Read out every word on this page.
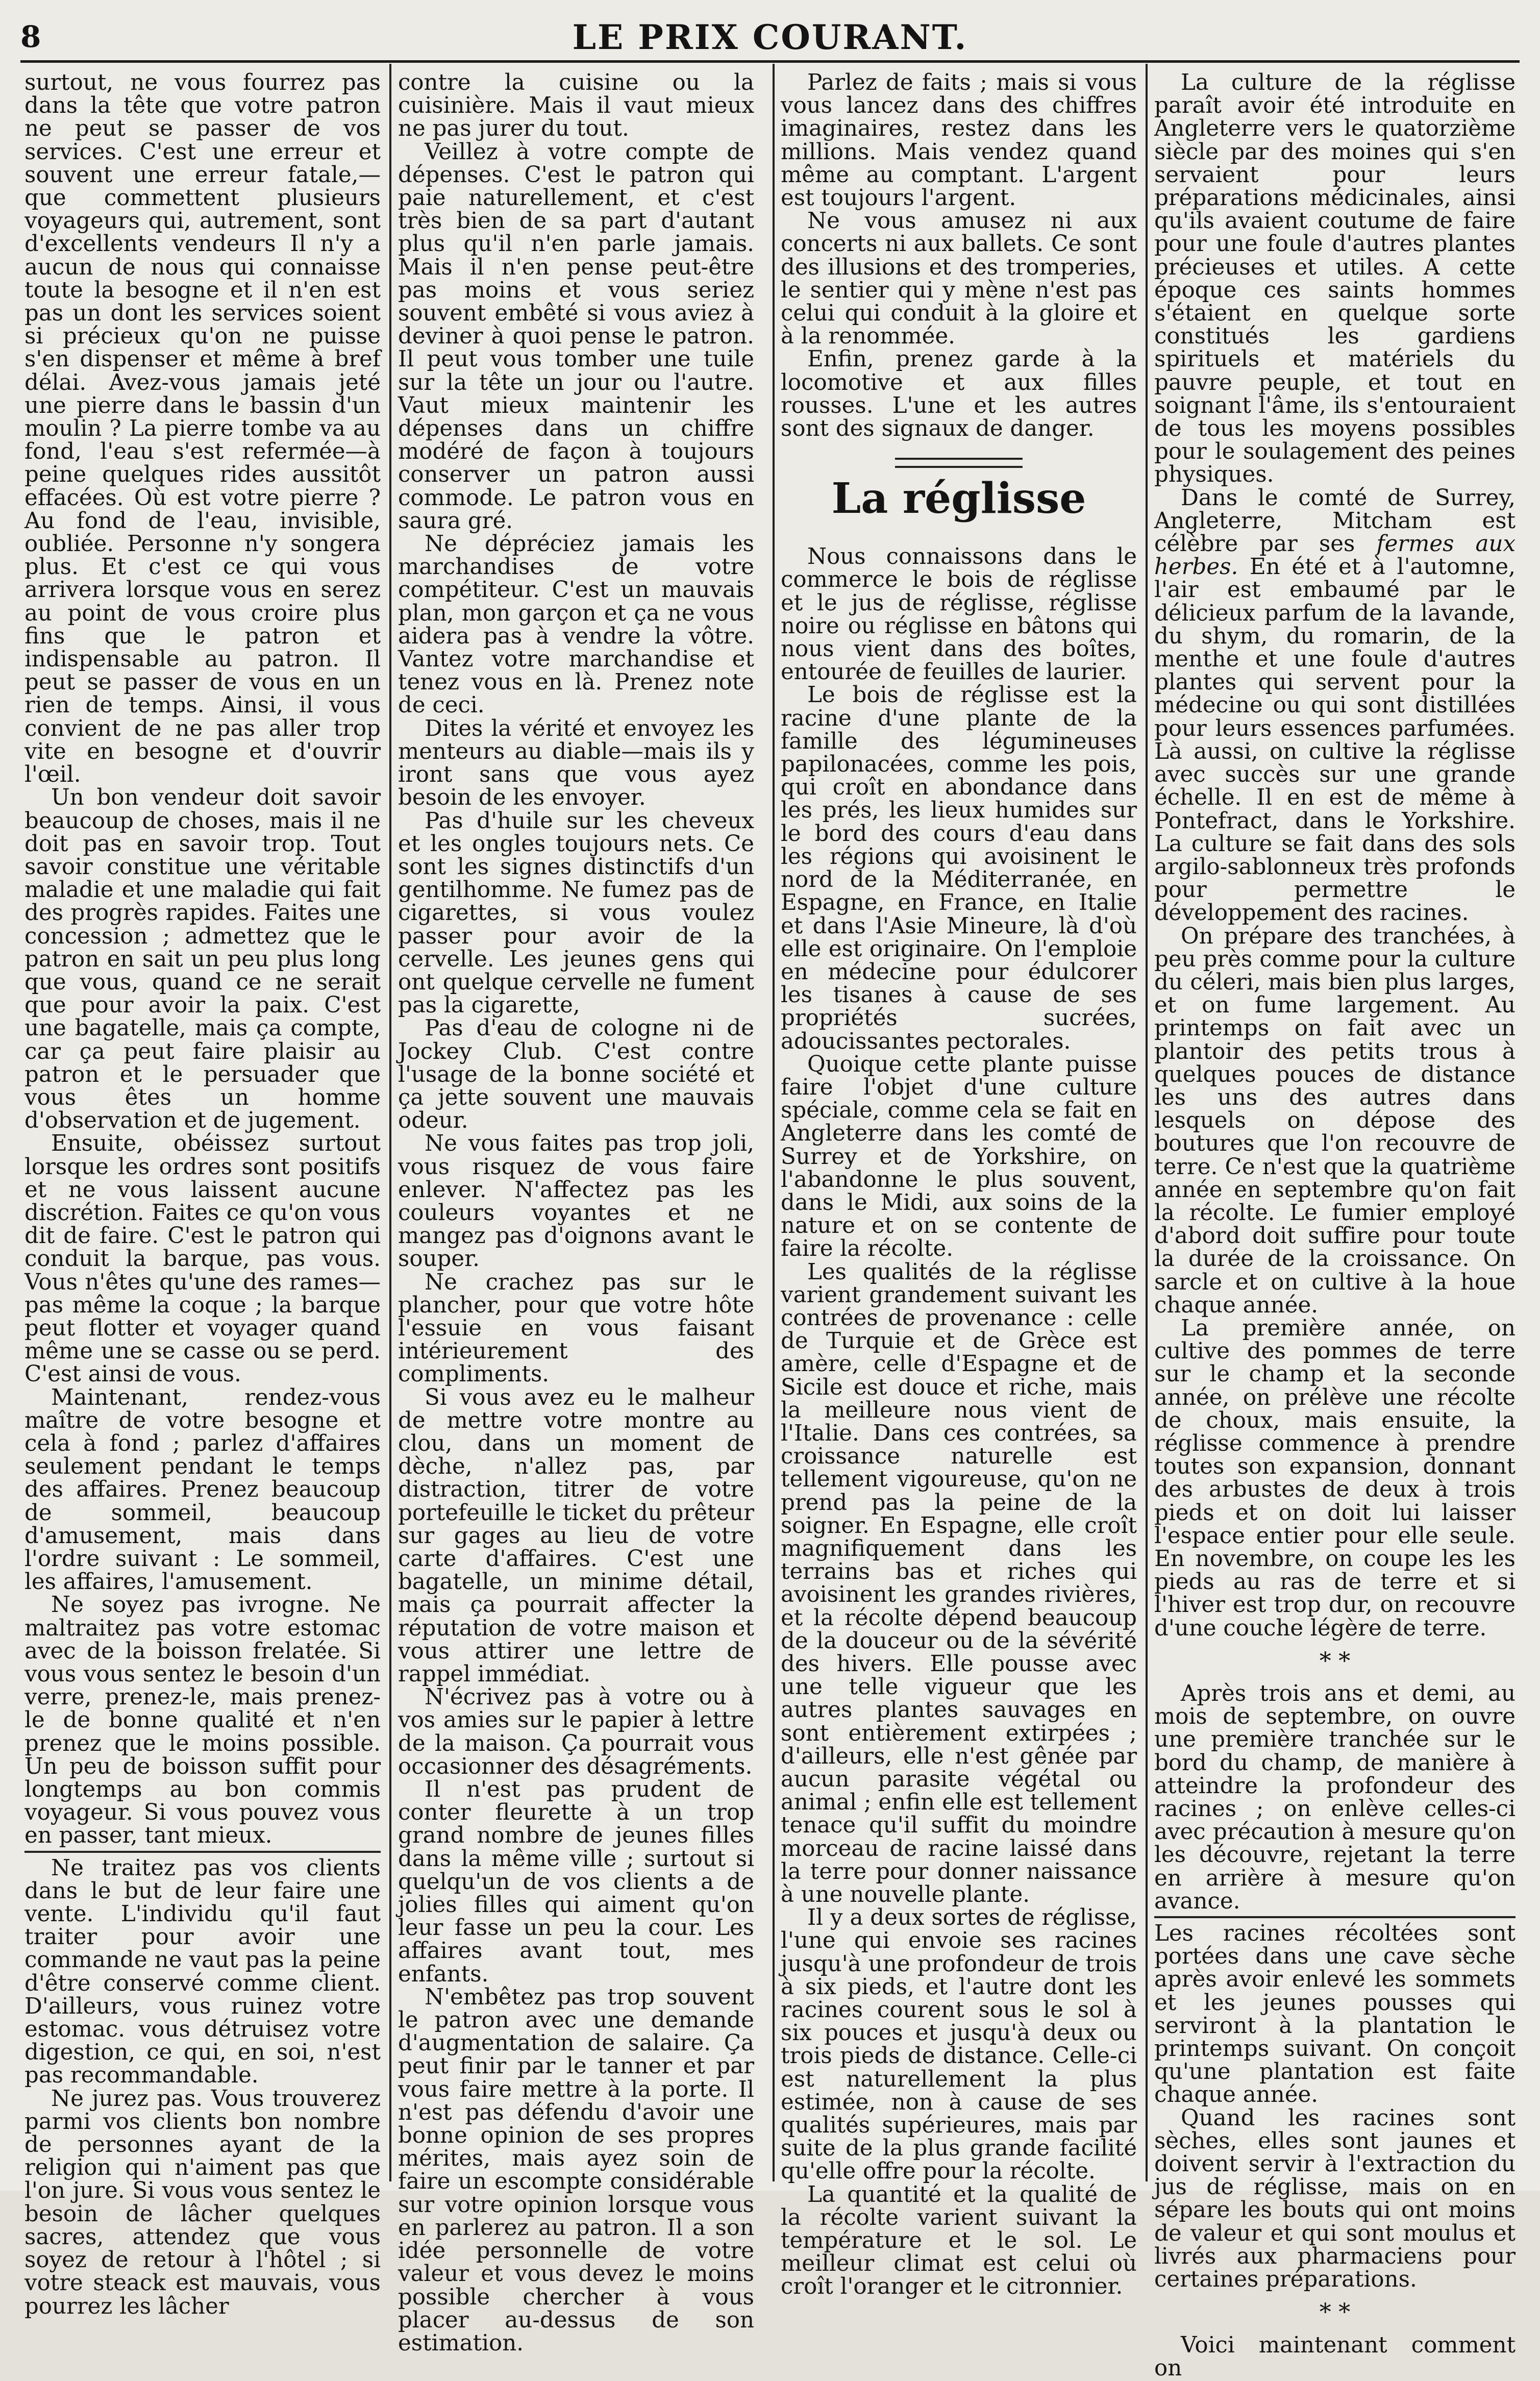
8	LE PRIX COURANT.

surtout, ne vous fourrez pas dans la tête que votre patron ne peut se passer de vos services. C'est une erreur et souvent une erreur fatale,—que commettent plusieurs voyageurs qui, autrement, sont d'excellents vendeurs Il n'y a aucun de nous qui connaisse toute la besogne et il n'en est pas un dont les services soient si précieux qu'on ne puisse s'en dispenser et même à bref délai. Avez-vous jamais jeté une pierre dans le bassin d'un moulin ? La pierre tombe va au fond, l'eau s'est refermée—à peine quelques rides aussitôt effacées. Où est votre pierre ? Au fond de l'eau, invisible, oubliée. Personne n'y songera plus. Et c'est ce qui vous arrivera lorsque vous en serez au point de vous croire plus fins que le patron et indispensable au patron. Il peut se passer de vous en un rien de temps. Ainsi, il vous convient de ne pas aller trop vite en besogne et d'ouvrir l'œil.

Un bon vendeur doit savoir beaucoup de choses, mais il ne doit pas en savoir trop. Tout savoir constitue une véritable maladie et une maladie qui fait des progrès rapides. Faites une concession ; admettez que le patron en sait un peu plus long que vous, quand ce ne serait que pour avoir la paix. C'est une bagatelle, mais ça compte, car ça peut faire plaisir au patron et le persuader que vous êtes un homme d'observation et de jugement.

Ensuite, obéissez surtout lorsque les ordres sont positifs et ne vous laissent aucune discrétion. Faites ce qu'on vous dit de faire. C'est le patron qui conduit la barque, pas vous. Vous n'êtes qu'une des rames—pas même la coque ; la barque peut flotter et voyager quand même une se casse ou se perd. C'est ainsi de vous.

Maintenant, rendez-vous maître de votre besogne et cela à fond ; parlez d'affaires seulement pendant le temps des affaires. Prenez beaucoup de sommeil, beaucoup d'amusement, mais dans l'ordre suivant : Le sommeil, les affaires, l'amusement.

Ne soyez pas ivrogne. Ne maltraitez pas votre estomac avec de la boisson frelatée. Si vous vous sentez le besoin d'un verre, prenez-le, mais prenez-le de bonne qualité et n'en prenez que le moins possible. Un peu de boisson suffit pour longtemps au bon commis voyageur. Si vous pouvez vous en passer, tant mieux.

Ne traitez pas vos clients dans le but de leur faire une vente. L'individu qu'il faut traiter pour avoir une commande ne vaut pas la peine d'être conservé comme client. D'ailleurs, vous ruinez votre estomac. vous détruisez votre digestion, ce qui, en soi, n'est pas recommandable.

Ne jurez pas. Vous trouverez parmi vos clients bon nombre de personnes ayant de la religion qui n'aiment pas que l'on jure. Si vous vous sentez le besoin de lâcher quelques sacres, attendez que vous soyez de retour à l'hôtel ; si votre steack est mauvais, vous pourrez les lâcher

contre la cuisine ou la cuisinière. Mais il vaut mieux ne pas jurer du tout.

Veillez à votre compte de dépenses. C'est le patron qui paie naturellement, et c'est très bien de sa part d'autant plus qu'il n'en parle jamais. Mais il n'en pense peut-être pas moins et vous seriez souvent embêté si vous aviez à deviner à quoi pense le patron. Il peut vous tomber une tuile sur la tête un jour ou l'autre. Vaut mieux maintenir les dépenses dans un chiffre modéré de façon à toujours conserver un patron aussi commode. Le patron vous en saura gré.

Ne dépréciez jamais les marchandises de votre compétiteur. C'est un mauvais plan, mon garçon et ça ne vous aidera pas à vendre la vôtre. Vantez votre marchandise et tenez vous en là. Prenez note de ceci.

Dites la vérité et envoyez les menteurs au diable—mais ils y iront sans que vous ayez besoin de les envoyer.

Pas d'huile sur les cheveux et les ongles toujours nets. Ce sont les signes distinctifs d'un gentilhomme. Ne fumez pas de cigarettes, si vous voulez passer pour avoir de la cervelle. Les jeunes gens qui ont quelque cervelle ne fument pas la cigarette,

Pas d'eau de cologne ni de Jockey Club. C'est contre l'usage de la bonne société et ça jette souvent une mauvais odeur.

Ne vous faites pas trop joli, vous risquez de vous faire enlever. N'affectez pas les couleurs voyantes et ne mangez pas d'oignons avant le souper.

Ne crachez pas sur le plancher, pour que votre hôte l'essuie en vous faisant intérieurement des compliments.

Si vous avez eu le malheur de mettre votre montre au clou, dans un moment de dèche, n'allez pas, par distraction, titrer de votre portefeuille le ticket du prêteur sur gages au lieu de votre carte d'affaires. C'est une bagatelle, un minime détail, mais ça pourrait affecter la réputation de votre maison et vous attirer une lettre de rappel immédiat.

N'écrivez pas à votre ou à vos amies sur le papier à lettre de la maison. Ça pourrait vous occasionner des désagréments.

Il n'est pas prudent de conter fleurette à un trop grand nombre de jeunes filles dans la même ville ; surtout si quelqu'un de vos clients a de jolies filles qui aiment qu'on leur fasse un peu la cour. Les affaires avant tout, mes enfants.

N'embêtez pas trop souvent le patron avec une demande d'augmentation de salaire. Ça peut finir par le tanner et par vous faire mettre à la porte. Il n'est pas défendu d'avoir une bonne opinion de ses propres mérites, mais ayez soin de faire un escompte considérable sur votre opinion lorsque vous en parlerez au patron. Il a son idée personnelle de votre valeur et vous devez le moins possible chercher à vous placer au-dessus de son estimation.

Parlez de faits ; mais si vous vous lancez dans des chiffres imaginaires, restez dans les millions. Mais vendez quand même au comptant. L'argent est toujours l'argent.

Ne vous amusez ni aux concerts ni aux ballets. Ce sont des illusions et des tromperies, le sentier qui y mène n'est pas celui qui conduit à la gloire et à la renommée.

Enfin, prenez garde à la locomotive et aux filles rousses. L'une et les autres sont des signaux de danger.

La réglisse

Nous connaissons dans le commerce le bois de réglisse et le jus de réglisse, réglisse noire ou réglisse en bâtons qui nous vient dans des boîtes, entourée de feuilles de laurier.

Le bois de réglisse est la racine d'une plante de la famille des légumineuses papilonacées, comme les pois, qui croît en abondance dans les prés, les lieux humides sur le bord des cours d'eau dans les régions qui avoisinent le nord de la Méditerranée, en Espagne, en France, en Italie et dans l'Asie Mineure, là d'où elle est originaire. On l'emploie en médecine pour édulcorer les tisanes à cause de ses propriétés sucrées, adoucissantes pectorales.

Quoique cette plante puisse faire l'objet d'une culture spéciale, comme cela se fait en Angleterre dans les comté de Surrey et de Yorkshire, on l'abandonne le plus souvent, dans le Midi, aux soins de la nature et on se contente de faire la récolte.

Les qualités de la réglisse varient grandement suivant les contrées de provenance : celle de Turquie et de Grèce est amère, celle d'Espagne et de Sicile est douce et riche, mais la meilleure nous vient de l'Italie. Dans ces contrées, sa croissance naturelle est tellement vigoureuse, qu'on ne prend pas la peine de la soigner. En Espagne, elle croît magnifiquement dans les terrains bas et riches qui avoisinent les grandes rivières, et la récolte dépend beaucoup de la douceur ou de la sévérité des hivers. Elle pousse avec une telle vigueur que les autres plantes sauvages en sont entièrement extirpées ; d'ailleurs, elle n'est gênée par aucun parasite végétal ou animal ; enfin elle est tellement tenace qu'il suffit du moindre morceau de racine laissé dans la terre pour donner naissance à une nouvelle plante.

Il y a deux sortes de réglisse, l'une qui envoie ses racines jusqu'à une profondeur de trois à six pieds, et l'autre dont les racines courent sous le sol à six pouces et jusqu'à deux ou trois pieds de distance. Celle-ci est naturellement la plus estimée, non à cause de ses qualités supérieures, mais par suite de la plus grande facilité qu'elle offre pour la récolte.

La quantité et la qualité de la récolte varient suivant la température et le sol. Le meilleur climat est celui où croît l'oranger et le citronnier.

La culture de la réglisse paraît avoir été introduite en Angleterre vers le quatorzième siècle par des moines qui s'en servaient pour leurs préparations médicinales, ainsi qu'ils avaient coutume de faire pour une foule d'autres plantes précieuses et utiles. A cette époque ces saints hommes s'étaient en quelque sorte constitués les gardiens spirituels et matériels du pauvre peuple, et tout en soignant l'âme, ils s'entouraient de tous les moyens possibles pour le soulagement des peines physiques.

Dans le comté de Surrey, Angleterre, Mitcham est célèbre par ses fermes aux herbes. En été et à l'automne, l'air est embaumé par le délicieux parfum de la lavande, du shym, du romarin, de la menthe et une foule d'autres plantes qui servent pour la médecine ou qui sont distillées pour leurs essences parfumées. Là aussi, on cultive la réglisse avec succès sur une grande échelle. Il en est de même à Pontefract, dans le Yorkshire. La culture se fait dans des sols argilo-sablonneux très profonds pour permettre le développement des racines.

On prépare des tranchées, à peu près comme pour la culture du céleri, mais bien plus larges, et on fume largement. Au printemps on fait avec un plantoir des petits trous à quelques pouces de distance les uns des autres dans lesquels on dépose des boutures que l'on recouvre de terre. Ce n'est que la quatrième année en septembre qu'on fait la récolte. Le fumier employé d'abord doit suffire pour toute la durée de la croissance. On sarcle et on cultive à la houe chaque année.

La première année, on cultive des pommes de terre sur le champ et la seconde année, on prélève une récolte de choux, mais ensuite, la réglisse commence à prendre toutes son expansion, donnant des arbustes de deux à trois pieds et on doit lui laisser l'espace entier pour elle seule. En novembre, on coupe les les pieds au ras de terre et si l'hiver est trop dur, on recouvre d'une couche légère de terre.

* *

Après trois ans et demi, au mois de septembre, on ouvre une première tranchée sur le bord du champ, de manière à atteindre la profondeur des racines ; on enlève celles-ci avec précaution à mesure qu'on les découvre, rejetant la terre en arrière à mesure qu'on avance.

Les racines récoltées sont portées dans une cave sèche après avoir enlevé les sommets et les jeunes pousses qui serviront à la plantation le printemps suivant. On conçoit qu'une plantation est faite chaque année.

Quand les racines sont sèches, elles sont jaunes et doivent servir à l'extraction du jus de réglisse, mais on en sépare les bouts qui ont moins de valeur et qui sont moulus et livrés aux pharmaciens pour certaines préparations.

* *

Voici maintenant comment on
